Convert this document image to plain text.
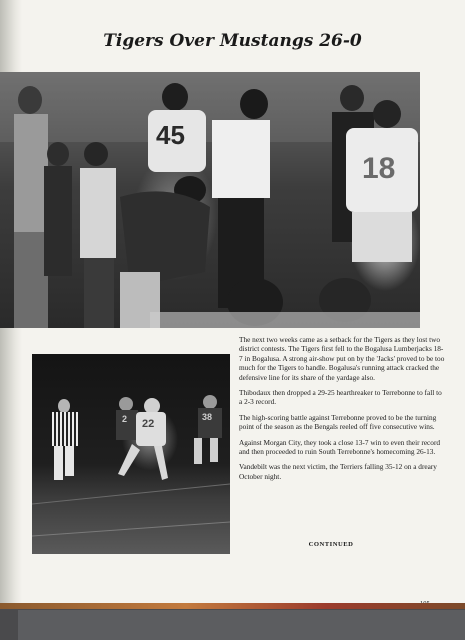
Tigers Over Mustangs 26-0
45
18
2 22
38

The next two weeks came as a setback for the Tigers as they lost two district contests. The Tigers first fell to the Bogalusa Lumberjacks 18-7 in Bogalusa. A strong air-show put on by the 'Jacks' proved to be too much for the Tigers to handle. Bogalusa's running attack cracked the defensive line for its share of the yardage also.

Thibodaux then dropped a 29-25 hearthreaker to Terrebonne to fall to a 2-3 record.

The high-scoring battle against Terrebonne proved to be the turning point of the season as the Bengals reeled off five consecutive wins.

Against Morgan City, they took a close 13-7 win to even their record and then proceeded to ruin South Terrebonne's homecoming 26-13.

Vandebilt was the next victim, the Terriers falling 35-12 on a dreary October night.

CONTINUED
